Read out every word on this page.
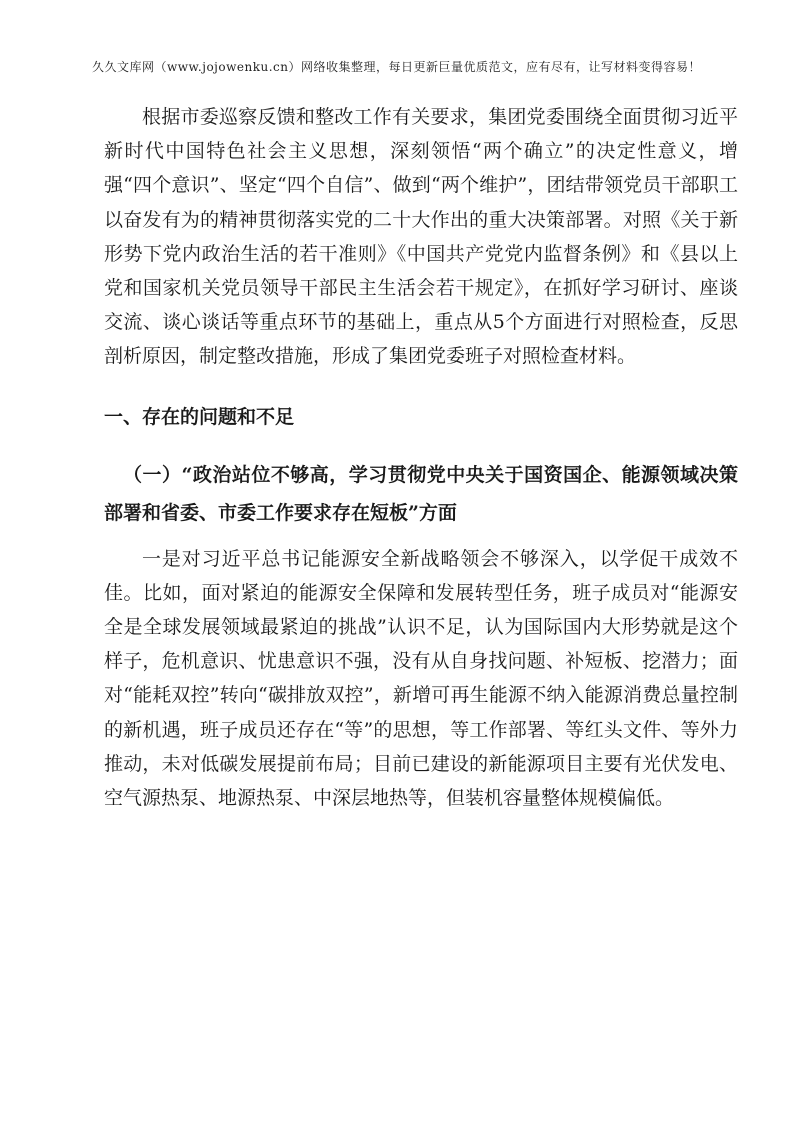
久久文库网（www.jojowenku.cn）网络收集整理，每日更新巨量优质范文，应有尽有，让写材料变得容易！

根据市委巡察反馈和整改工作有关要求，集团党委围绕全面贯彻习近平新时代中国特色社会主义思想，深刻领悟“两个确立”的决定性意义，增强“四个意识”、坚定“四个自信”、做到“两个维护”，团结带领党员干部职工以奋发有为的精神贯彻落实党的二十大作出的重大决策部署。对照《关于新形势下党内政治生活的若干准则》《中国共产党党内监督条例》和《县以上党和国家机关党员领导干部民主生活会若干规定》，在抓好学习研讨、座谈交流、谈心谈话等重点环节的基础上，重点从5个方面进行对照检查，反思剖析原因，制定整改措施，形成了集团党委班子对照检查材料。

一、存在的问题和不足
（一）“政治站位不够高，学习贯彻党中央关于国资国企、能源领域决策部署和省委、市委工作要求存在短板”方面

一是对习近平总书记能源安全新战略领会不够深入，以学促干成效不佳。比如，面对紧迫的能源安全保障和发展转型任务，班子成员对“能源安全是全球发展领域最紧迫的挑战”认识不足，认为国际国内大形势就是这个样子，危机意识、忧患意识不强，没有从自身找问题、补短板、挖潜力；面对“能耗双控”转向“碳排放双控”，新增可再生能源不纳入能源消费总量控制的新机遇，班子成员还存在“等”的思想，等工作部署、等红头文件、等外力推动，未对低碳发展提前布局；目前已建设的新能源项目主要有光伏发电、空气源热泵、地源热泵、中深层地热等，但装机容量整体规模偏低。
